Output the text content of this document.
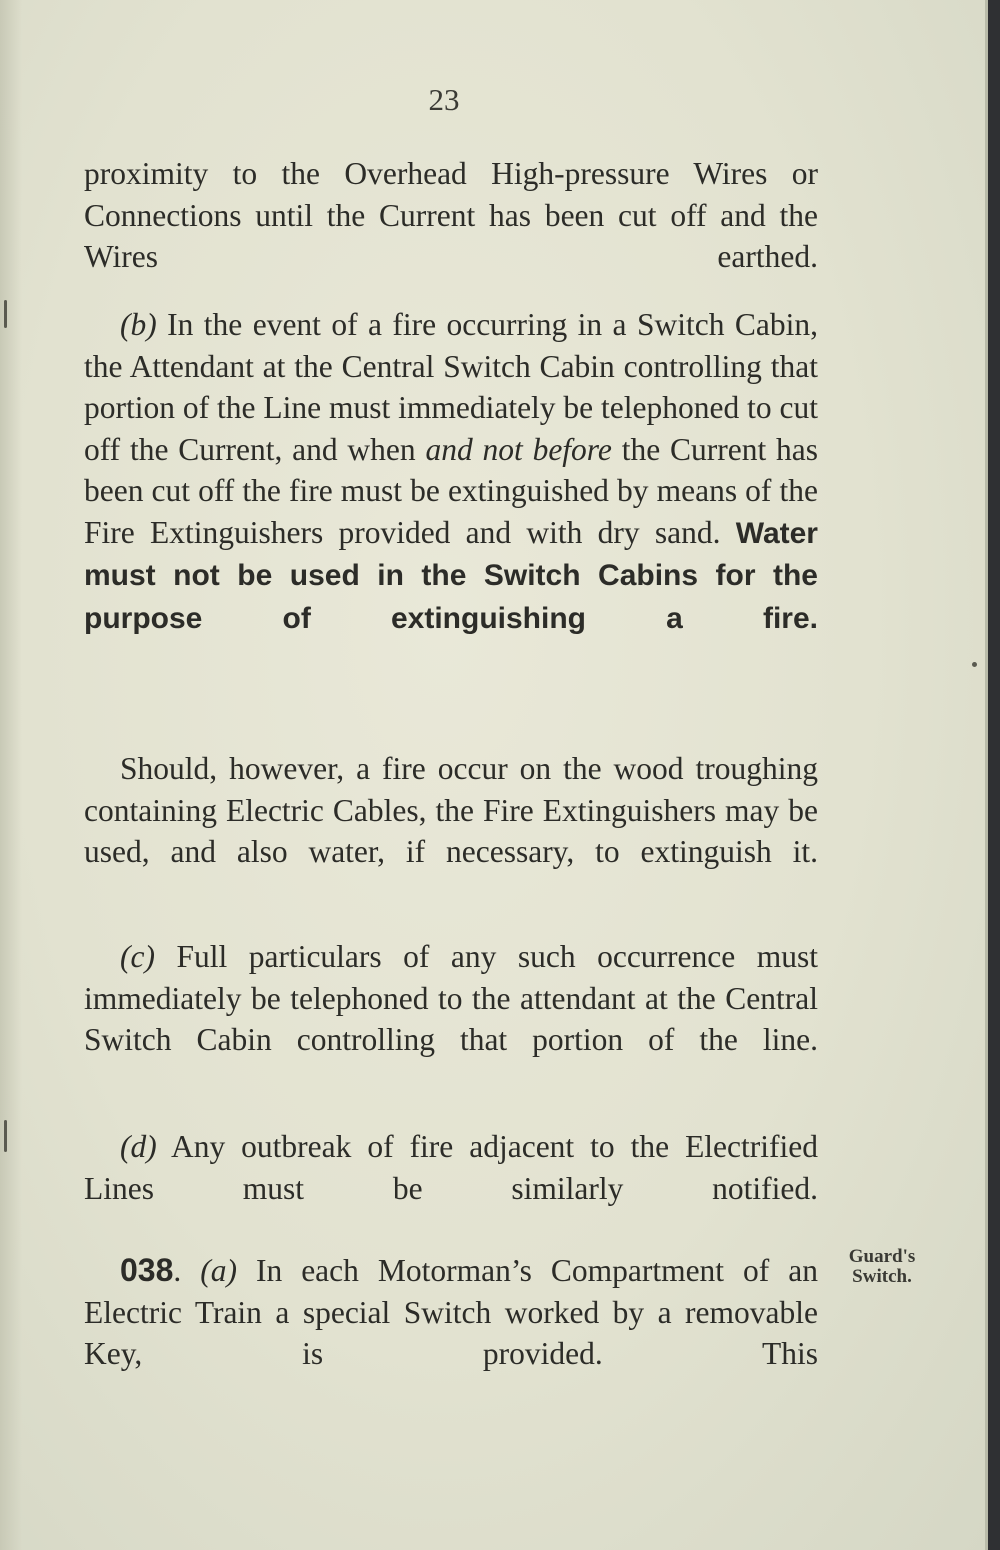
23

proximity to the Overhead High-pressure Wires or Connections until the Current has been cut off and the Wires earthed.

(b) In the event of a fire occurring in a Switch Cabin, the Attendant at the Central Switch Cabin controlling that portion of the Line must immediately be telephoned to cut off the Current, and when and not before the Current has been cut off the fire must be extinguished by means of the Fire Extinguishers provided and with dry sand. Water must not be used in the Switch Cabins for the purpose of extinguishing a fire.

Should, however, a fire occur on the wood troughing containing Electric Cables, the Fire Extinguishers may be used, and also water, if necessary, to extinguish it.

(c) Full particulars of any such occurrence must immediately be telephoned to the attendant at the Central Switch Cabin controlling that portion of the line.

(d) Any outbreak of fire adjacent to the Electrified Lines must be similarly notified.

038. (a) In each Motorman’s Compartment of an Electric Train a special Switch worked by a removable Key, is provided. This

Guard's
Switch.
